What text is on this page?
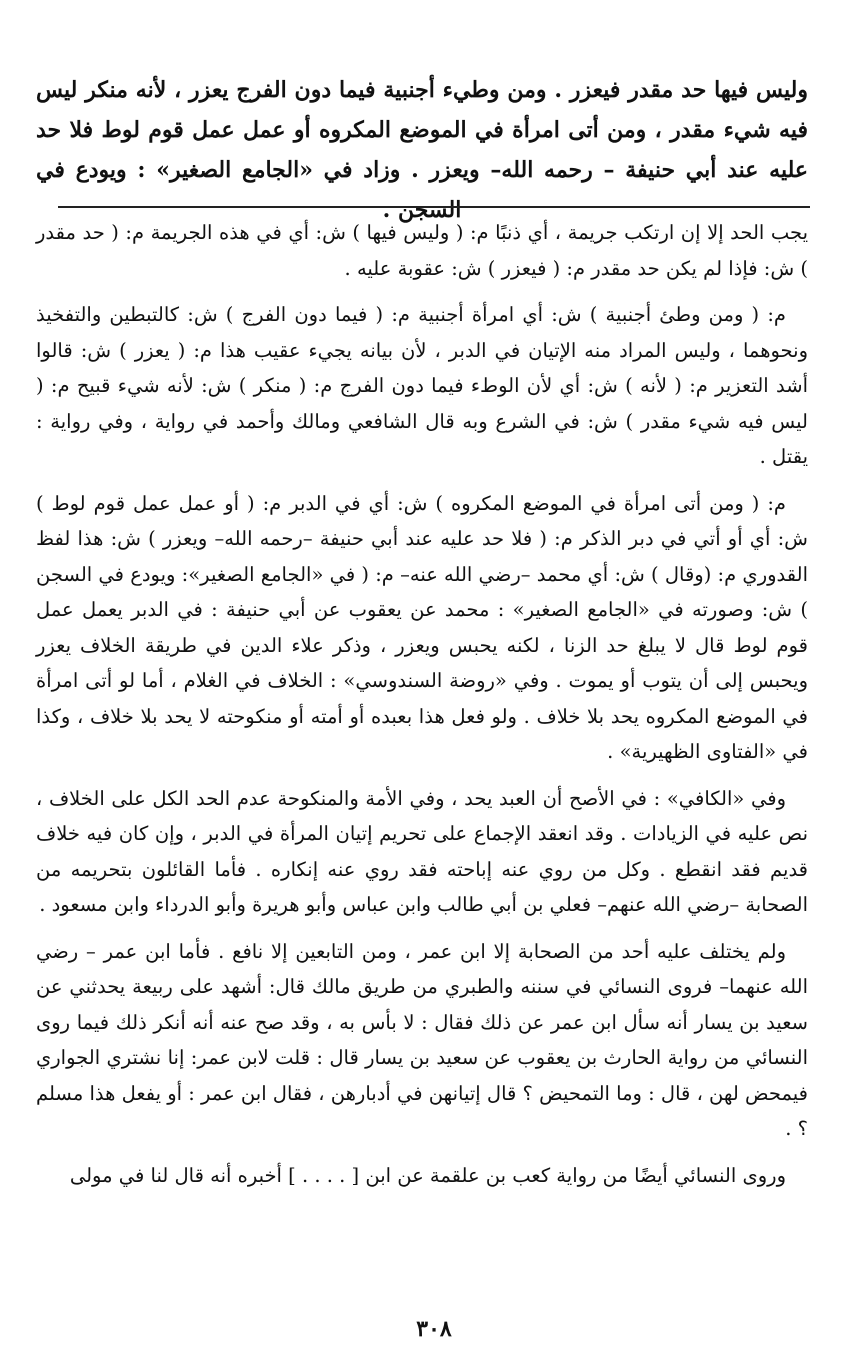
وليس فيها حد مقدر فيعزر . ومن وطيء أجنبية فيما دون الفرج يعزر ، لأنه منكر ليس فيه شيء مقدر ، ومن أتى امرأة في الموضع المكروه أو عمل عمل قوم لوط فلا حد عليه عند أبي حنيفة – رحمه الله– ويعزر . وزاد في «الجامع الصغير» : ويودع في السجن .

يجب الحد إلا إن ارتكب جريمة ، أي ذنبًا م: ( وليس فيها ) ش: أي في هذه الجريمة م: ( حد مقدر ) ش: فإذا لم يكن حد مقدر م: ( فيعزر ) ش: عقوبة عليه .

م: ( ومن وطئ أجنبية ) ش: أي امرأة أجنبية م: ( فيما دون الفرج ) ش: كالتبطين والتفخيذ ونحوهما ، وليس المراد منه الإتيان في الدبر ، لأن بيانه يجيء عقيب هذا م: ( يعزر ) ش: قالوا أشد التعزير م: ( لأنه ) ش: أي لأن الوطء فيما دون الفرج م: ( منكر ) ش: لأنه شيء قبيح م: ( ليس فيه شيء مقدر ) ش: في الشرع وبه قال الشافعي ومالك وأحمد في رواية ، وفي رواية : يقتل .

م: ( ومن أتى امرأة في الموضع المكروه ) ش: أي في الدبر م: ( أو عمل عمل قوم لوط ) ش: أي أو أتي في دبر الذكر م: ( فلا حد عليه عند أبي حنيفة –رحمه الله– ويعزر ) ش: هذا لفظ القدوري م: (وقال ) ش: أي محمد –رضي الله عنه– م: ( في «الجامع الصغير»: ويودع في السجن ) ش: وصورته في «الجامع الصغير» : محمد عن يعقوب عن أبي حنيفة : في الدبر يعمل عمل قوم لوط قال لا يبلغ حد الزنا ، لكنه يحبس ويعزر ، وذكر علاء الدين في طريقة الخلاف يعزر ويحبس إلى أن يتوب أو يموت . وفي «روضة السندوسي» : الخلاف في الغلام ، أما لو أتى امرأة في الموضع المكروه يحد بلا خلاف . ولو فعل هذا بعبده أو أمته أو منكوحته لا يحد بلا خلاف ، وكذا في «الفتاوى الظهيرية» .

وفي «الكافي» : في الأصح أن العبد يحد ، وفي الأمة والمنكوحة عدم الحد الكل على الخلاف ، نص عليه في الزيادات . وقد انعقد الإجماع على تحريم إتيان المرأة في الدبر ، وإن كان فيه خلاف قديم فقد انقطع . وكل من روي عنه إباحته فقد روي عنه إنكاره . فأما القائلون بتحريمه من الصحابة –رضي الله عنهم– فعلي بن أبي طالب وابن عباس وأبو هريرة وأبو الدرداء وابن مسعود .

ولم يختلف عليه أحد من الصحابة إلا ابن عمر ، ومن التابعين إلا نافع . فأما ابن عمر – رضي الله عنهما– فروى النسائي في سننه والطبري من طريق مالك قال: أشهد على ربيعة يحدثني عن سعيد بن يسار أنه سأل ابن عمر عن ذلك فقال : لا بأس به ، وقد صح عنه أنه أنكر ذلك فيما روى النسائي من رواية الحارث بن يعقوب عن سعيد بن يسار قال : قلت لابن عمر: إنا نشتري الجواري فيمحض لهن ، قال : وما التمحيض ؟ قال إتيانهن في أدبارهن ، فقال ابن عمر : أو يفعل هذا مسلم ؟ .

وروى النسائي أيضًا من رواية كعب بن علقمة عن ابن [ . . . . ] أخبره أنه قال لنا في مولى

٣٠٨
